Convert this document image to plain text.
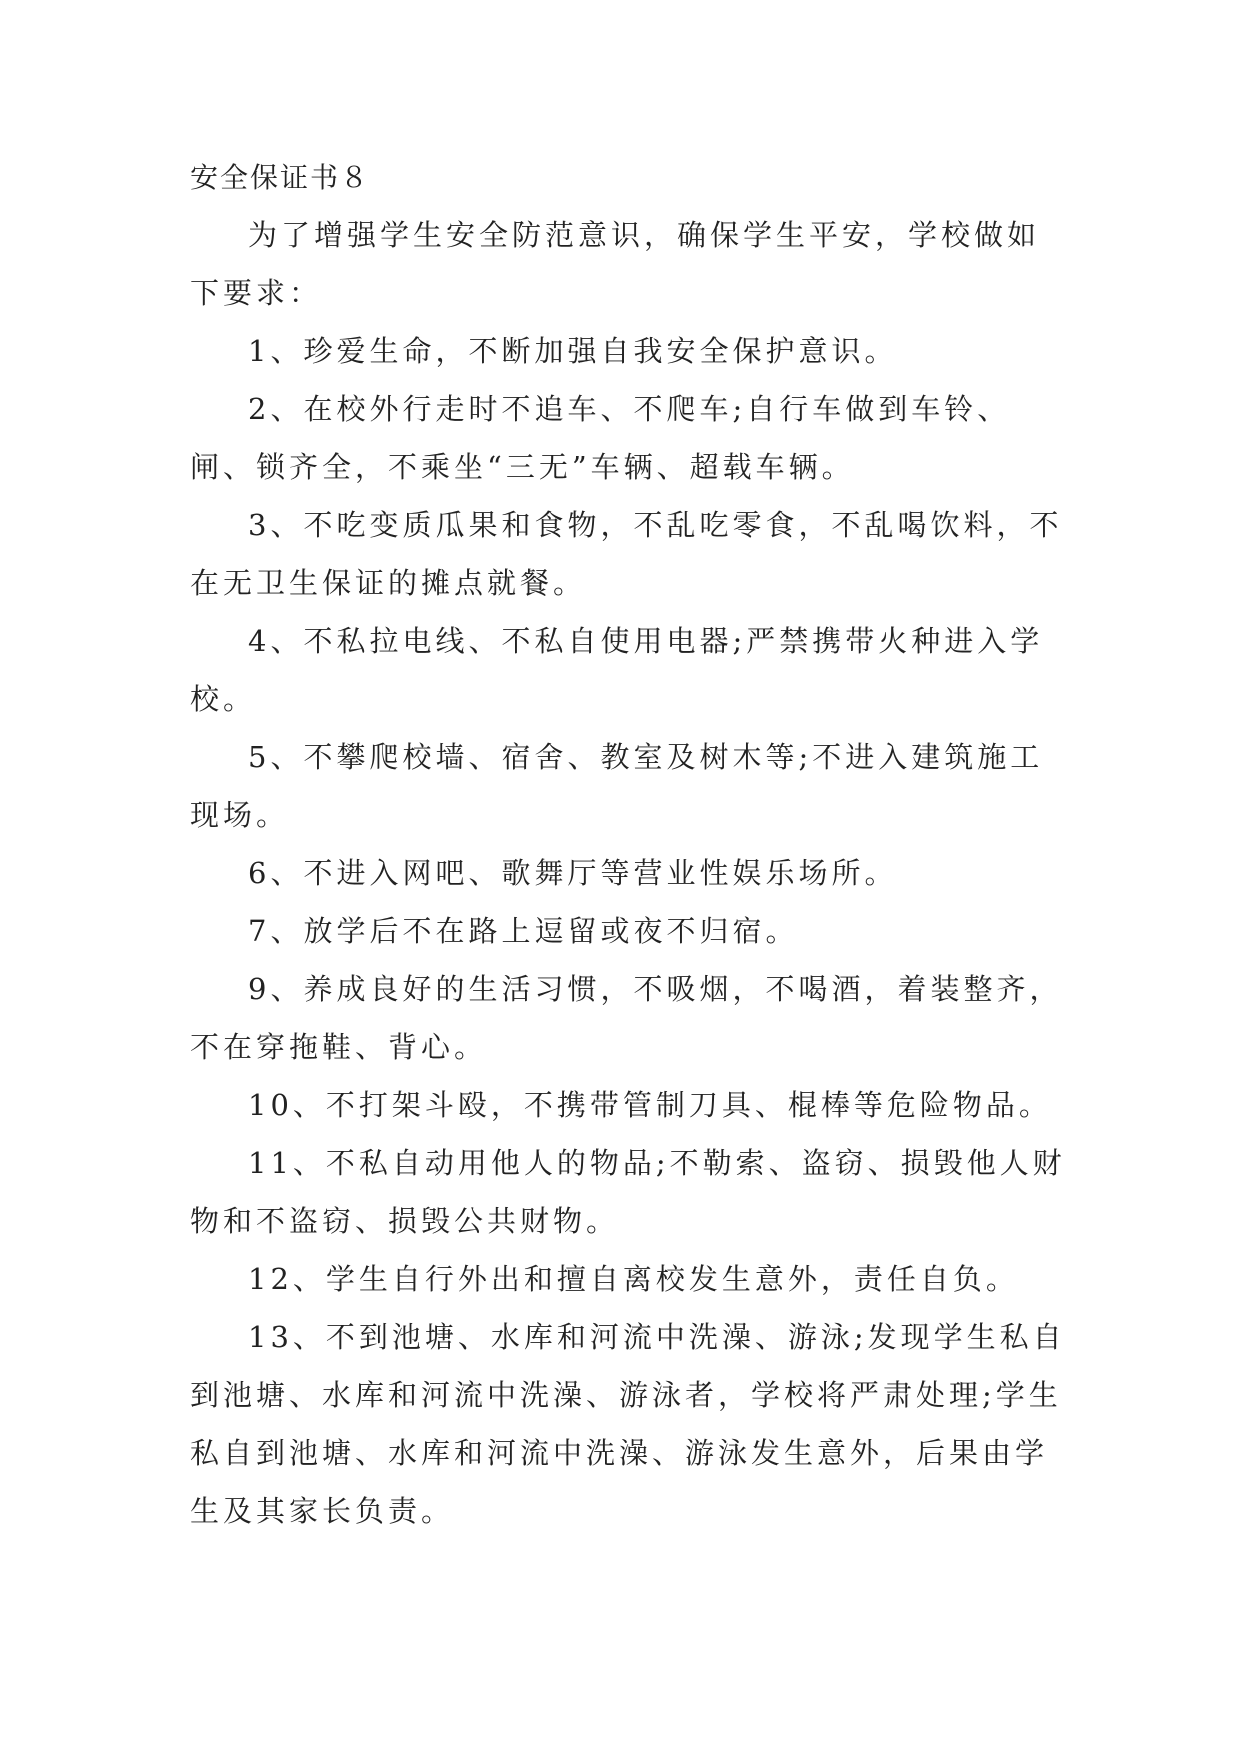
安全保证书８

为了增强学生安全防范意识，确保学生平安，学校做如下要求：

1、珍爱生命，不断加强自我安全保护意识。

2、在校外行走时不追车、不爬车;自行车做到车铃、闸、锁齐全，不乘坐“三无”车辆、超载车辆。

3、不吃变质瓜果和食物，不乱吃零食，不乱喝饮料，不在无卫生保证的摊点就餐。

4、不私拉电线、不私自使用电器;严禁携带火种进入学校。

5、不攀爬校墙、宿舍、教室及树木等;不进入建筑施工现场。

6、不进入网吧、歌舞厅等营业性娱乐场所。

7、放学后不在路上逗留或夜不归宿。

9、养成良好的生活习惯，不吸烟，不喝酒，着装整齐，不在穿拖鞋、背心。

10、不打架斗殴，不携带管制刀具、棍棒等危险物品。

11、不私自动用他人的物品;不勒索、盗窃、损毁他人财物和不盗窃、损毁公共财物。

12、学生自行外出和擅自离校发生意外，责任自负。

13、不到池塘、水库和河流中洗澡、游泳;发现学生私自到池塘、水库和河流中洗澡、游泳者，学校将严肃处理;学生私自到池塘、水库和河流中洗澡、游泳发生意外，后果由学生及其家长负责。
